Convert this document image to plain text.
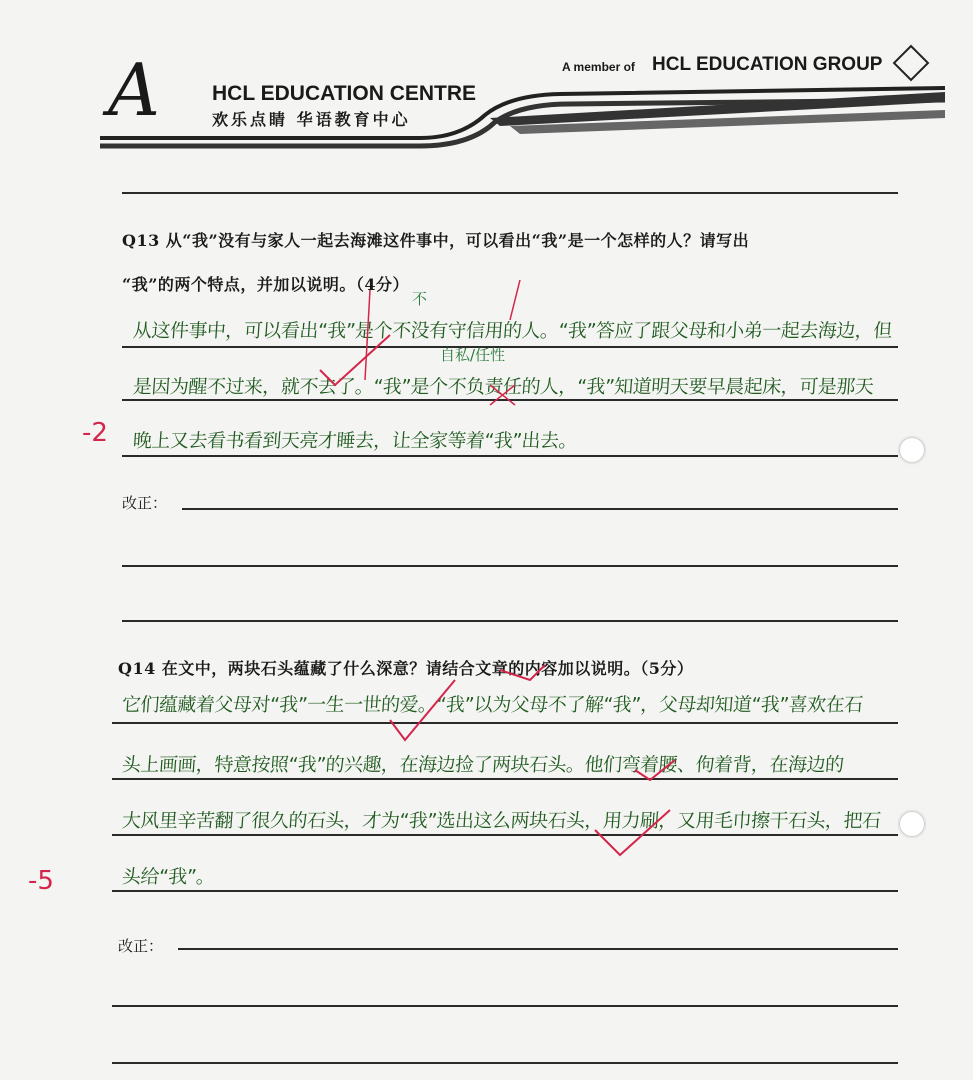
A HCL EDUCATION CENTRE
欢乐点睛 华语教育中心
A member of HCL EDUCATION GROUP
Q13 从“我”没有与家人一起去海滩这件事中，可以看出“我”是一个怎样的人？请写出
“我”的两个特点，并加以说明。（4分）
从这件事中，可以看出“我”是个不没有守信用的人。“我”答应了跟父母和小弟一起去海边，但
是因为醒不过来，就不去了。“我”是个不负责任的人，“我”知道明天要早晨起床，可是那天
晚上又去看书看到天亮才睡去，让全家等着“我”出去。
不
自私/任性
-2
改正：
Q14 在文中，两块石头蕴藏了什么深意？请结合文章的内容加以说明。（5分）
它们蕴藏着父母对“我”一生一世的爱。“我”以为父母不了解“我”，父母却知道“我”喜欢在石
头上画画，特意按照“我”的兴趣，在海边捡了两块石头。他们弯着腰、佝着背，在海边的
大风里辛苦翻了很久的石头，才为“我”选出这么两块石头，用力刷，又用毛巾擦干石头，把石
头给“我”。
-5
改正：
